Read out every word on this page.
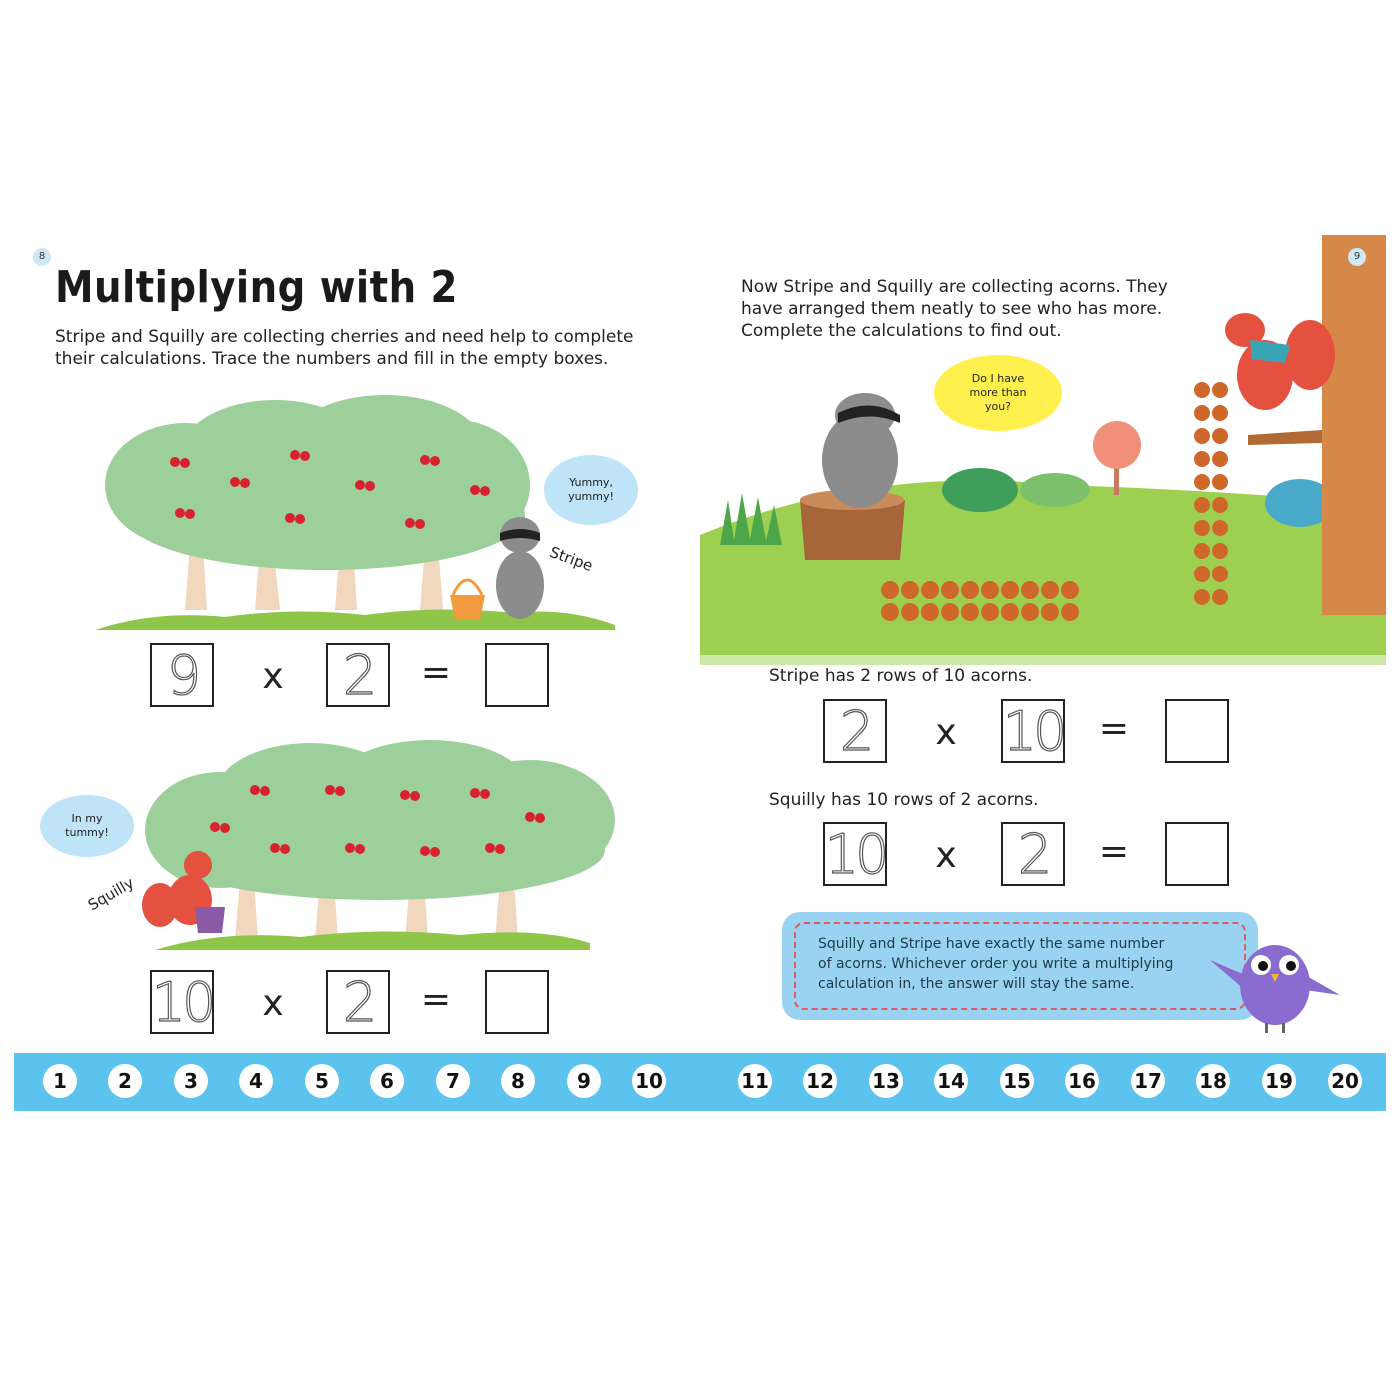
8
Multiplying with 2
Stripe and Squilly are collecting cherries and need help to complete
their calculations. Trace the numbers and fill in the empty boxes.
Yummy,
yummy!
Stripe
9	x 2	=
In my
tummy!
Squilly
10 x 2	=
Now Stripe and Squilly are collecting acorns. They
have arranged them neatly to see who has more.
Complete the calculations to find out.
9
Do I have
more than
you?
Stripe has 2 rows of 10 acorns.
2	x 10 =
Squilly has 10 rows of 2 acorns.
10 x 2	=
Squilly and Stripe have exactly the same number
of acorns. Whichever order you write a multiplying
calculation in, the answer will stay the same.
1	2	3	4	5	6	7	8	9	10	11 12 13 14 15 16 17 18 19 20
